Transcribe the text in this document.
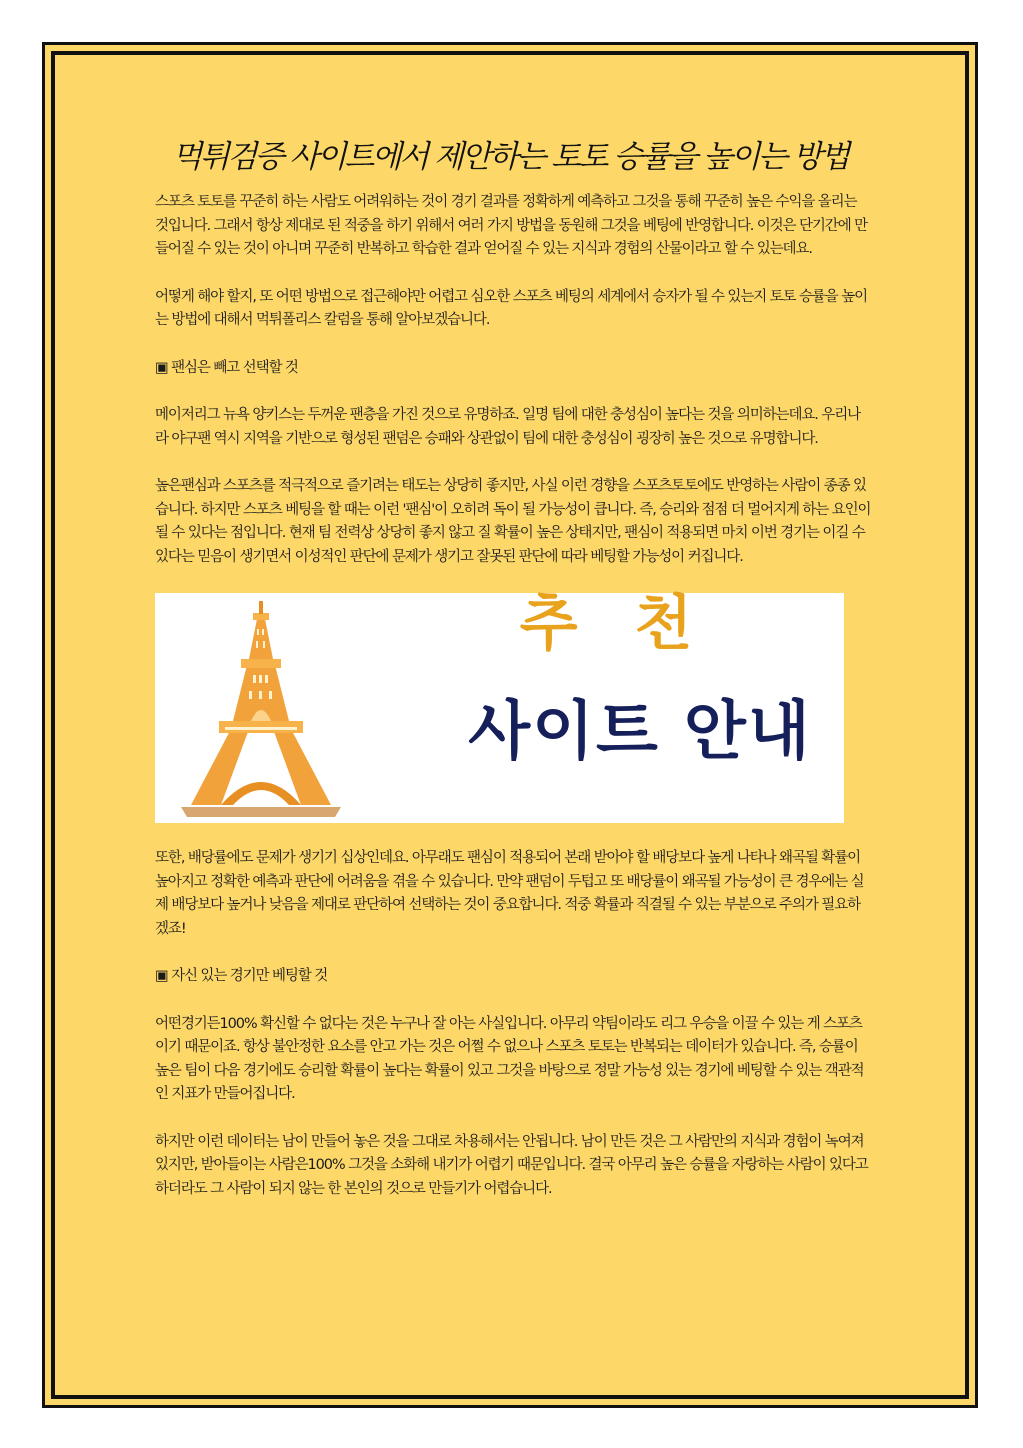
먹튀검증 사이트에서 제안하는 토토 승률을 높이는 방법

스포츠 토토를 꾸준히 하는 사람도 어려워하는 것이 경기 결과를 정확하게 예측하고 그것을 통해 꾸준히 높은 수익을 올리는 것입니다. 그래서 항상 제대로 된 적중을 하기 위해서 여러 가지 방법을 동원해 그것을 베팅에 반영합니다. 이것은 단기간에 만들어질 수 있는 것이 아니며 꾸준히 반복하고 학습한 결과 얻어질 수 있는 지식과 경험의 산물이라고 할 수 있는데요.

어떻게 해야 할지, 또 어떤 방법으로 접근해야만 어렵고 심오한 스포츠 베팅의 세계에서 승자가 될 수 있는지 토토 승률을 높이는 방법에 대해서 먹튀폴리스 칼럼을 통해 알아보겠습니다.

▣ 팬심은 빼고 선택할 것

메이저리그 뉴욕 양키스는 두꺼운 팬층을 가진 것으로 유명하죠. 일명 팀에 대한 충성심이 높다는 것을 의미하는데요. 우리나라 야구팬 역시 지역을 기반으로 형성된 팬덤은 승패와 상관없이 팀에 대한 충성심이 굉장히 높은 것으로 유명합니다.

높은팬심과 스포츠를 적극적으로 즐기려는 태도는 상당히 좋지만, 사실 이런 경향을 스포츠토토에도 반영하는 사람이 종종 있습니다. 하지만 스포츠 베팅을 할 때는 이런 '팬심'이 오히려 독이 될 가능성이 큽니다. 즉, 승리와 점점 더 멀어지게 하는 요인이 될 수 있다는 점입니다. 현재 팀 전력상 상당히 좋지 않고 질 확률이 높은 상태지만, 팬심이 적용되면 마치 이번 경기는 이길 수 있다는 믿음이 생기면서 이성적인 판단에 문제가 생기고 잘못된 판단에 따라 베팅할 가능성이 커집니다.

추 천
사이트 안내

또한, 배당률에도 문제가 생기기 십상인데요. 아무래도 팬심이 적용되어 본래 받아야 할 배당보다 높게 나타나 왜곡될 확률이 높아지고 정확한 예측과 판단에 어려움을 겪을 수 있습니다. 만약 팬덤이 두텁고 또 배당률이 왜곡될 가능성이 큰 경우에는 실제 배당보다 높거나 낮음을 제대로 판단하여 선택하는 것이 중요합니다. 적중 확률과 직결될 수 있는 부분으로 주의가 필요하겠죠!

▣ 자신 있는 경기만 베팅할 것

어떤경기든100% 확신할 수 없다는 것은 누구나 잘 아는 사실입니다. 아무리 약팀이라도 리그 우승을 이끌 수 있는 게 스포츠이기 때문이죠. 항상 불안정한 요소를 안고 가는 것은 어쩔 수 없으나 스포츠 토토는 반복되는 데이터가 있습니다. 즉, 승률이 높은 팀이 다음 경기에도 승리할 확률이 높다는 확률이 있고 그것을 바탕으로 정말 가능성 있는 경기에 베팅할 수 있는 객관적인 지표가 만들어집니다.

하지만 이런 데이터는 남이 만들어 놓은 것을 그대로 차용해서는 안됩니다. 남이 만든 것은 그 사람만의 지식과 경험이 녹여져 있지만, 받아들이는 사람은100% 그것을 소화해 내기가 어렵기 때문입니다. 결국 아무리 높은 승률을 자랑하는 사람이 있다고 하더라도 그 사람이 되지 않는 한 본인의 것으로 만들기가 어렵습니다.
